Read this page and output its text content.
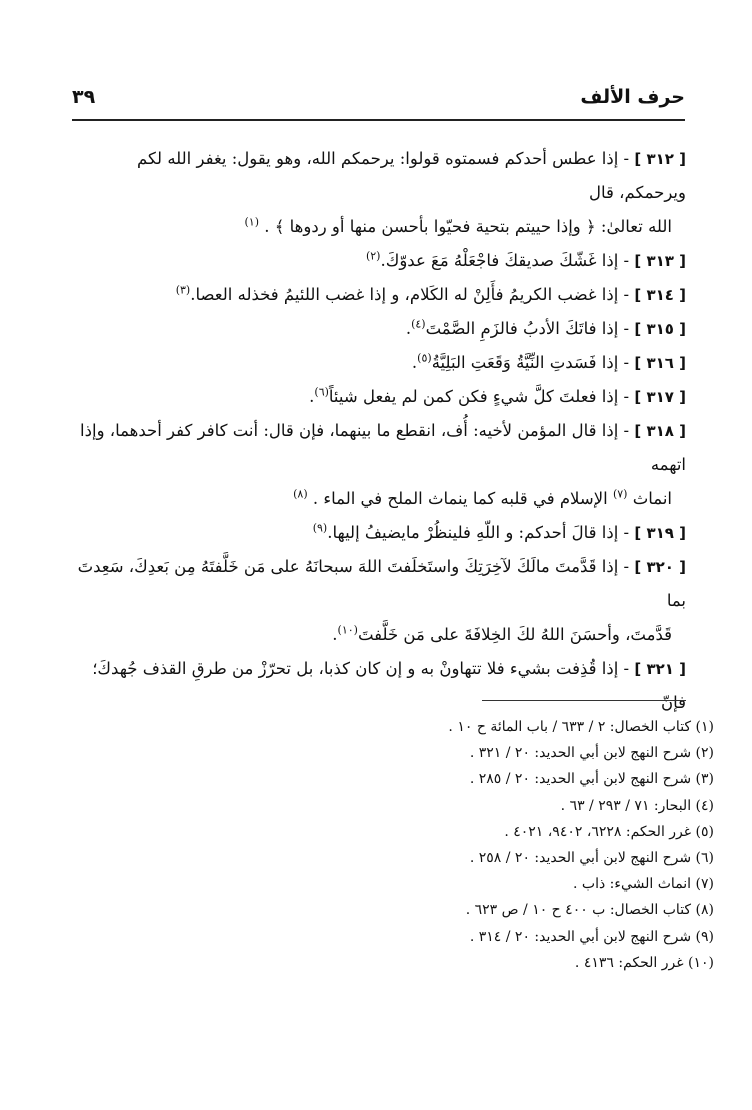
حرف الألف
٣٩
[ ٣١٢ ] - إذا عطس أحدكم فسمتوه قولوا: يرحمكم الله، وهو يقول: يغفر الله لكم ويرحمكم، قال
الله تعالىٰ: ﴿ وإذا حييتم بتحية فحيّوا بأحسن منها أو ردوها ﴾ . $^{(١)}$
[ ٣١٣ ] - إذا غَشّكَ صديقكَ فاجْعَلْهُ مَعَ عدوّكَ.$^{(٢)}$
[ ٣١٤ ] - إذا غضب الكريمُ فأَلِنْ له الكَلام، و إذا غضب اللئيمُ فخذله العصا.$^{(٣)}$
[ ٣١٥ ] - إذا فاتَكَ الأدبُ فالزَمِ الصَّمْتَ$^{(٤)}$.
[ ٣١٦ ] - إذا فَسَدتِ النِّيَّةُ وَقَعَتِ البَلِيَّةُ$^{(٥)}$.
[ ٣١٧ ] - إذا فعلتَ كلَّ شيءٍ فكن كمن لم يفعل شيئاً$^{(٦)}$.
[ ٣١٨ ] - إذا قال المؤمن لأخيه: أُف، انقطع ما بينهما، فإن قال: أنت كافر كفر أحدهما، وإذا اتهمه
انماث $^{(٧)}$ الإسلام في قلبه كما ينماث الملح في الماء . $^{(٨)}$
[ ٣١٩ ] - إذا قالَ أحدكم: و اللّهِ فلينظُرْ مايضيفُ إليها.$^{(٩)}$
[ ٣٢٠ ] - إذا قَدَّمتَ مالَكَ لآخِرَتِكَ واستَخلَفتَ اللهَ سبحانَهُ على مَن خَلَّفتَهُ مِن بَعدِكَ، سَعِدتَ بما
قَدَّمتَ، وأحسَنَ اللهُ لكَ الخِلافَةَ على مَن خَلَّفتَ$^{(١٠)}$.
[ ٣٢١ ] - إذا قُذِفت بشيء فلا تتهاونْ به و إن كان كذبا، بل تحرّزْ من طرقِ القذف جُهدكَ؛ فإنّ
(١) كتاب الخصال: ٢ / ٦٣٣ / باب المائة ح ١٠ .
(٢) شرح النهج لابن أبي الحديد: ٢٠ / ٣٢١ .
(٣) شرح النهج لابن أبي الحديد: ٢٠ / ٢٨٥ .
(٤) البحار: ٧١ / ٢٩٣ / ٦٣ .
(٥) غرر الحكم: ٦٢٢٨، ٩٤٠٢، ٤٠٢١ .
(٦) شرح النهج لابن أبي الحديد: ٢٠ / ٢٥٨ .
(٧) انماث الشيء: ذاب .
(٨) كتاب الخصال: ب ٤٠٠ ح ١٠ / ص ٦٢٣ .
(٩) شرح النهج لابن أبي الحديد: ٢٠ / ٣١٤ .
(١٠) غرر الحكم: ٤١٣٦ .
